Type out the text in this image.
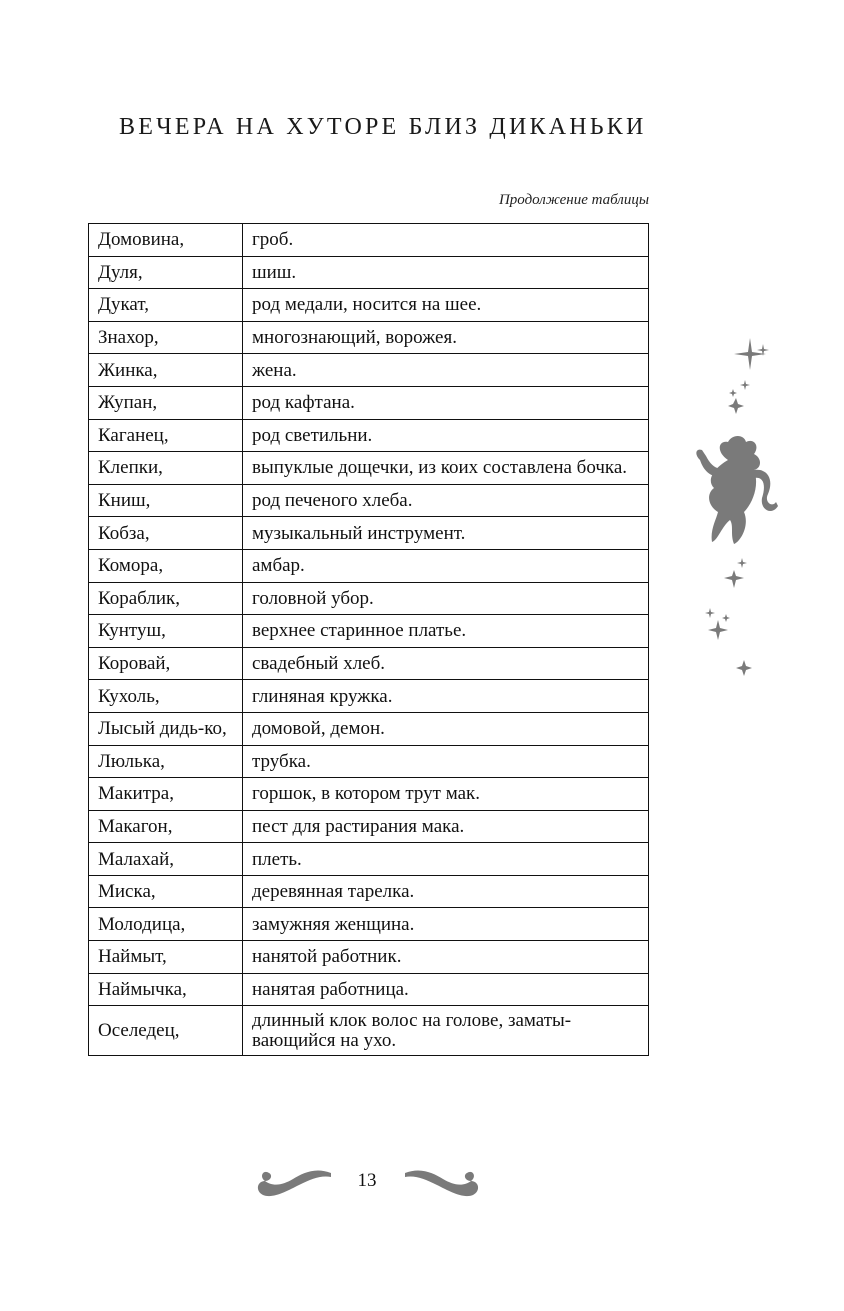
ВЕЧЕРА НА ХУТОРЕ БЛИЗ ДИКАНЬКИ
Продолжение таблицы
Домовина,	гроб.
Дуля,	шиш.
Дукат,	род медали, носится на шее.
Знахор,	многознающий, ворожея.
Жинка,	жена.
Жупан,	род кафтана.
Каганец,	род светильни.
Клепки,	выпуклые дощечки, из коих составлена бочка.
Книш,	род печеного хлеба.
Кобза,	музыкальный инструмент.
Комора,	амбар.
Кораблик,	головной убор.
Кунтуш,	верхнее старинное платье.
Коровай,	свадебный хлеб.
Кухоль,	глиняная кружка.
Лысый дидь-ко,	домовой, демон.
Люлька,	трубка.
Макитра,	горшок, в котором трут мак.
Макагон,	пест для растирания мака.
Малахай,	плеть.
Миска,	деревянная тарелка.
Молодица,	замужняя женщина.
Наймыт,	нанятой работник.
Наймычка,	нанятая работница.
Оселедец,	длинный клок волос на голове, заматы-вающийся на ухо.
13
